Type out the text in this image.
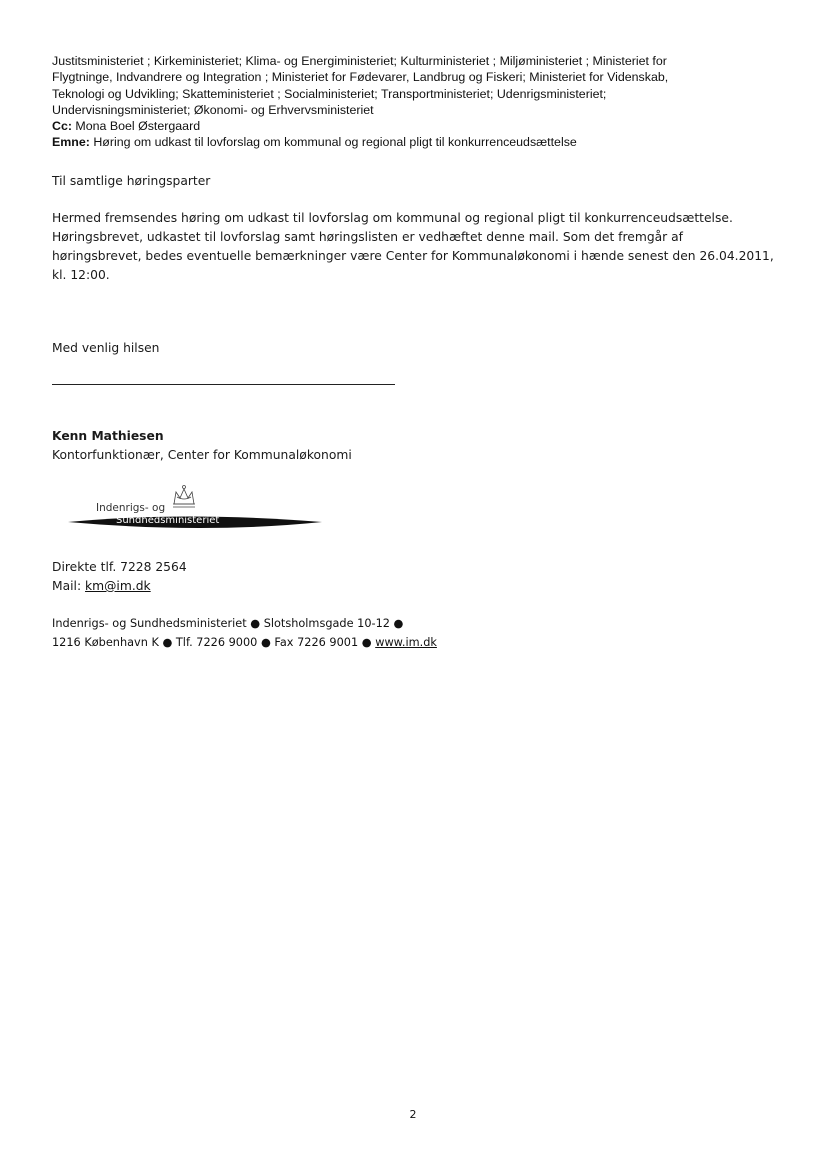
Justitsministeriet ; Kirkeministeriet; Klima- og Energiministeriet; Kulturministeriet ; Miljøministeriet ; Ministeriet for
Flygtninge, Indvandrere og Integration ; Ministeriet for Fødevarer, Landbrug og Fiskeri; Ministeriet for Videnskab,
Teknologi og Udvikling; Skatteministeriet ; Socialministeriet; Transportministeriet; Udenrigsministeriet;
Undervisningsministeriet; Økonomi- og Erhvervsministeriet
Cc: Mona Boel Østergaard
Emne: Høring om udkast til lovforslag om kommunal og regional pligt til konkurrenceudsættelse
Til samtlige høringsparter
Hermed fremsendes høring om udkast til lovforslag om kommunal og regional pligt til konkurrenceudsættelse.
Høringsbrevet, udkastet til lovforslag samt høringslisten er vedhæftet denne mail. Som det fremgår af
høringsbrevet, bedes eventuelle bemærkninger være Center for Kommunaløkonomi i hænde senest den 26.04.2011,
kl. 12:00.
Med venlig hilsen
Kenn Mathiesen
Kontorfunktionær, Center for Kommunaløkonomi
Indenrigs- og
Sundhedsministeriet
Direkte tlf. 7228 2564
Mail: km@im.dk
Indenrigs- og Sundhedsministeriet ● Slotsholmsgade 10-12 ●
1216 København K ● Tlf. 7226 9000 ● Fax 7226 9001 ● www.im.dk
2
